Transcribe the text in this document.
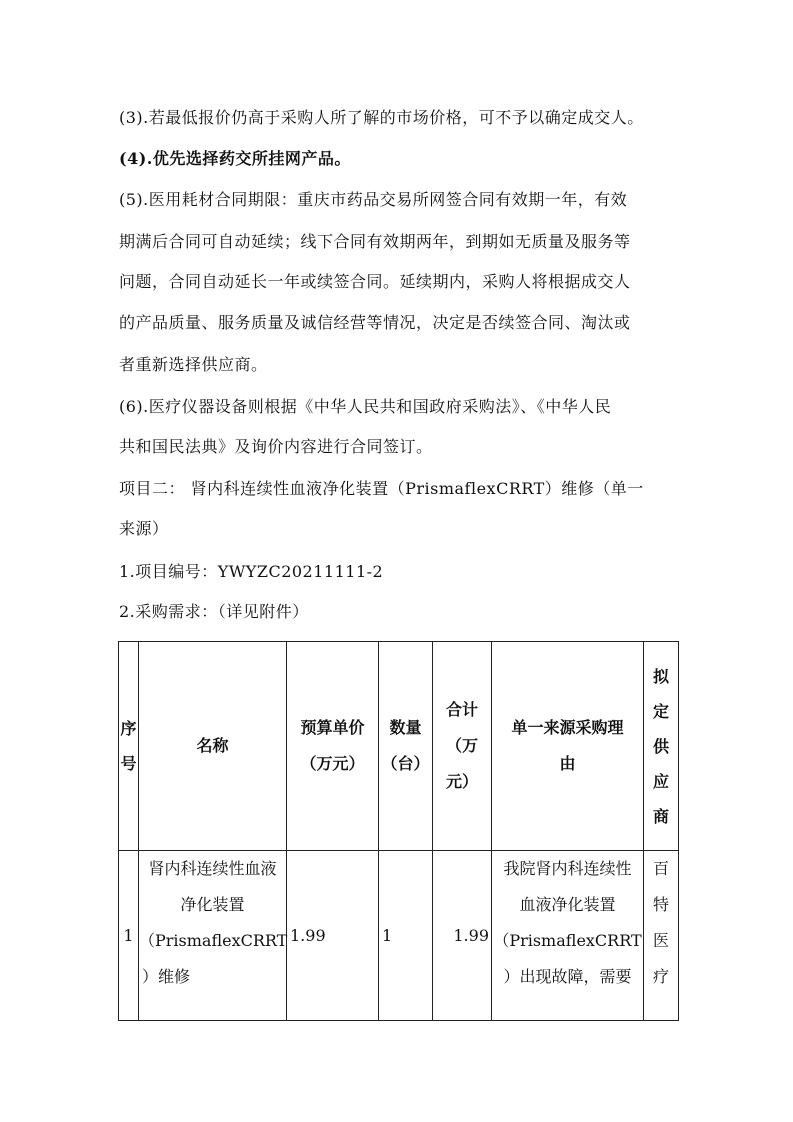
(3).若最低报价仍高于采购人所了解的市场价格，可不予以确定成交人。
(4).优先选择药交所挂网产品。
(5).医用耗材合同期限：重庆市药品交易所网签合同有效期一年，有效
期满后合同可自动延续；线下合同有效期两年，到期如无质量及服务等
问题，合同自动延长一年或续签合同。延续期内，采购人将根据成交人
的产品质量、服务质量及诚信经营等情况，决定是否续签合同、淘汰或
者重新选择供应商。
(6).医疗仪器设备则根据《中华人民共和国政府采购法》、《中华人民
共和国民法典》及询价内容进行合同签订。
项目二： 肾内科连续性血液净化装置（PrismaflexCRRT）维修（单一
来源）
1.项目编号：YWYZC20211111-2
2.采购需求：（详见附件）
序
号	名称	预算单价
（万元）	数量
（台）	合计
（万
元）	单一来源采购理
由	拟
定
供
应
商

1	肾内科连续性血液
净化装置
（PrismaflexCRRT
）维修	1.99	1	1.99	我院肾内科连续性
血液净化装置
（PrismaflexCRRT
）出现故障，需要	百
特
医
疗
